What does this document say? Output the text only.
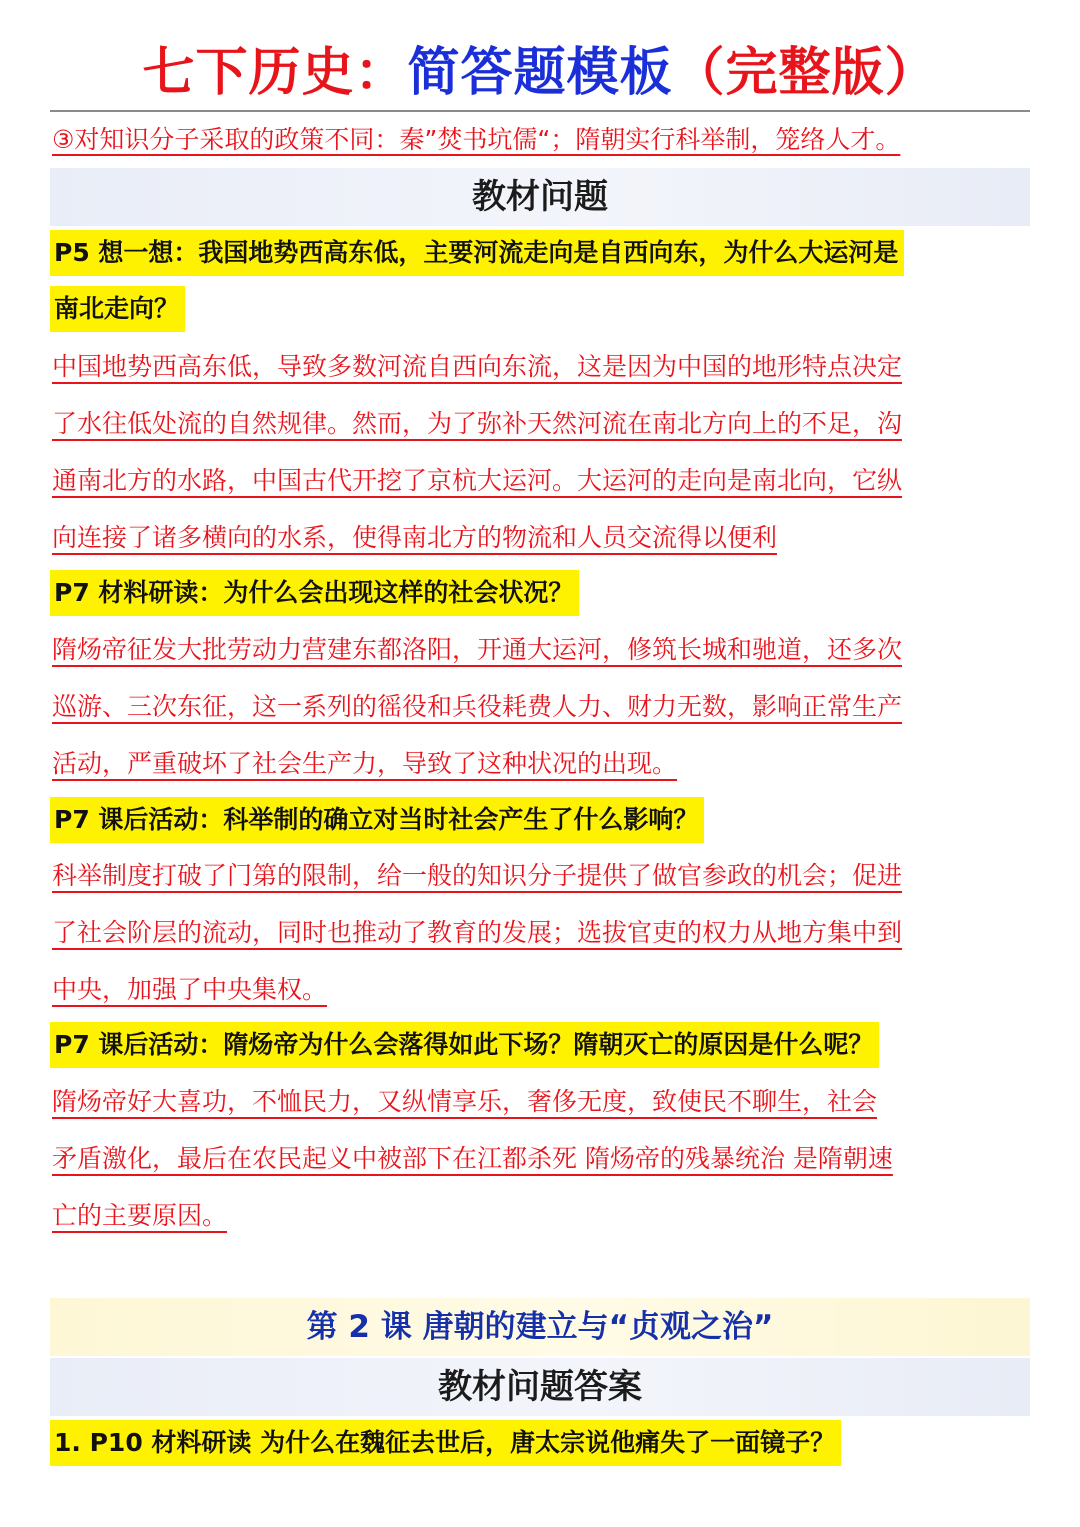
七下历史：简答题模板（完整版）
③对知识分子采取的政策不同：秦”焚书坑儒“；隋朝实行科举制，笼络人才。
教材问题
P5 想一想：我国地势西高东低，主要河流走向是自西向东，为什么大运河是
南北走向？
中国地势西高东低，导致多数河流自西向东流，这是因为中国的地形特点决定
了水往低处流的自然规律。然而，为了弥补天然河流在南北方向上的不足，沟
通南北方的水路，中国古代开挖了京杭大运河。大运河的走向是南北向，它纵
向连接了诸多横向的水系，使得南北方的物流和人员交流得以便利
P7 材料研读：为什么会出现这样的社会状况？
隋炀帝征发大批劳动力营建东都洛阳，开通大运河，修筑长城和驰道，还多次
巡游、三次东征，这一系列的徭役和兵役耗费人力、财力无数，影响正常生产
活动，严重破坏了社会生产力，导致了这种状况的出现。
P7 课后活动：科举制的确立对当时社会产生了什么影响？
科举制度打破了门第的限制，给一般的知识分子提供了做官参政的机会；促进
了社会阶层的流动，同时也推动了教育的发展；选拔官吏的权力从地方集中到
中央，加强了中央集权。
P7 课后活动：隋炀帝为什么会落得如此下场？隋朝灭亡的原因是什么呢？
隋炀帝好大喜功，不恤民力，又纵情享乐，奢侈无度，致使民不聊生，社会
矛盾激化，最后在农民起义中被部下在江都杀死 隋炀帝的残暴统治 是隋朝速
亡的主要原因。
第 2 课 唐朝的建立与“贞观之治”
教材问题答案
1. P10 材料研读 为什么在魏征去世后，唐太宗说他痛失了一面镜子？
